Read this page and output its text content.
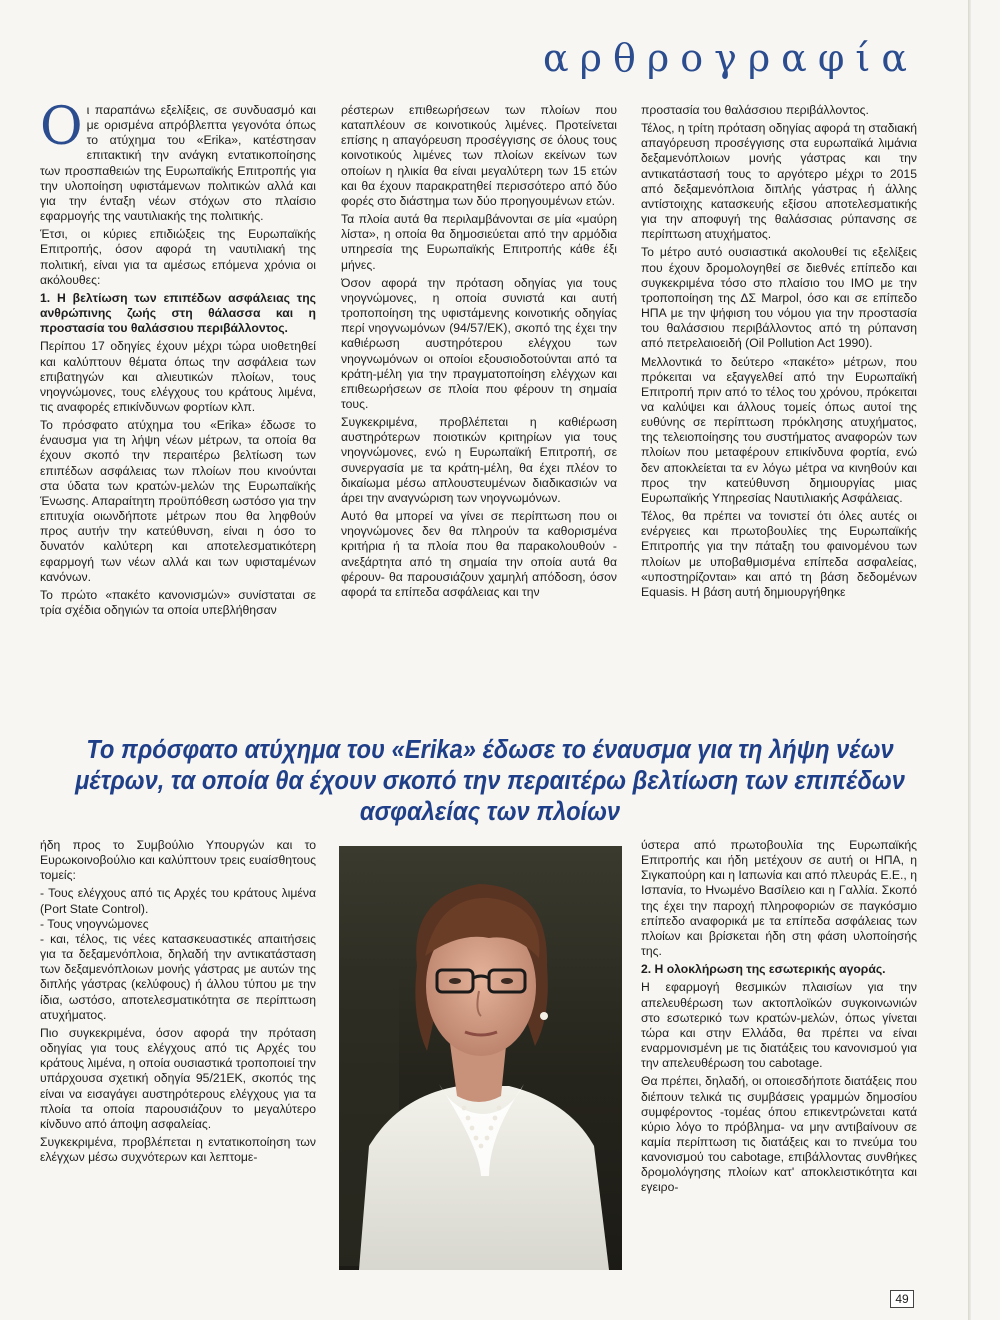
αρθρογραφία

Οι παραπάνω εξελίξεις, σε συνδυασμό και με ορισμένα απρόβλεπτα γεγονότα όπως το ατύχημα του «Erika», κατέστησαν επιτακτική την ανάγκη εντατικοποίησης των προσπαθειών της Ευρωπαϊκής Επιτροπής για την υλοποίηση υφιστάμενων πολιτικών αλλά και για την ένταξη νέων στόχων στο πλαίσιο εφαρμογής της ναυτιλιακής της πολιτικής.

Έτσι, οι κύριες επιδιώξεις της Ευρωπαϊκής Επιτροπής, όσον αφορά τη ναυτιλιακή της πολιτική, είναι για τα αμέσως επόμενα χρόνια οι ακόλουθες:

1. Η βελτίωση των επιπέδων ασφάλειας της ανθρώπινης ζωής στη θάλασσα και η προστασία του θαλάσσιου περιβάλλοντος.

Περίπου 17 οδηγίες έχουν μέχρι τώρα υιοθετηθεί και καλύπτουν θέματα όπως την ασφάλεια των επιβατηγών και αλιευτικών πλοίων, τους νηογνώμονες, τους ελέγχους του κράτους λιμένα, τις αναφορές επικίνδυνων φορτίων κλπ.

Το πρόσφατο ατύχημα του «Erika» έδωσε το έναυσμα για τη λήψη νέων μέτρων, τα οποία θα έχουν σκοπό την περαιτέρω βελτίωση των επιπέδων ασφάλειας των πλοίων που κινούνται στα ύδατα των κρατών-μελών της Ευρωπαϊκής Ένωσης. Απαραίτητη προϋπόθεση ωστόσο για την επιτυχία οιωνδήποτε μέτρων που θα ληφθούν προς αυτήν την κατεύθυνση, είναι η όσο το δυνατόν καλύτερη και αποτελεσματικότερη εφαρμογή των νέων αλλά και των υφισταμένων κανόνων.

Το πρώτο «πακέτο κανονισμών» συνίσταται σε τρία σχέδια οδηγιών τα οποία υπεβλήθησαν

ρέστερων επιθεωρήσεων των πλοίων που καταπλέουν σε κοινοτικούς λιμένες. Προτείνεται επίσης η απαγόρευση προσέγγισης σε όλους τους κοινοτικούς λιμένες των πλοίων εκείνων των οποίων η ηλικία θα είναι μεγαλύτερη των 15 ετών και θα έχουν παρακρατηθεί περισσότερο από δύο φορές στο διάστημα των δύο προηγουμένων ετών.

Τα πλοία αυτά θα περιλαμβάνονται σε μία «μαύρη λίστα», η οποία θα δημοσιεύεται από την αρμόδια υπηρεσία της Ευρωπαϊκής Επιτροπής κάθε έξι μήνες.

Όσον αφορά την πρόταση οδηγίας για τους νηογνώμονες, η οποία συνιστά και αυτή τροποποίηση της υφιστάμενης κοινοτικής οδηγίας περί νηογνωμόνων (94/57/ΕΚ), σκοπό της έχει την καθιέρωση αυστηρότερου ελέγχου των νηογνωμόνων οι οποίοι εξουσιοδοτούνται από τα κράτη-μέλη για την πραγματοποίηση ελέγχων και επιθεωρήσεων σε πλοία που φέρουν τη σημαία τους.

Συγκεκριμένα, προβλέπεται η καθιέρωση αυστηρότερων ποιοτικών κριτηρίων για τους νηογνώμονες, ενώ η Ευρωπαϊκή Επιτροπή, σε συνεργασία με τα κράτη-μέλη, θα έχει πλέον το δικαίωμα μέσω απλουστευμένων διαδικασιών να άρει την αναγνώριση των νηογνωμόνων.

Αυτό θα μπορεί να γίνει σε περίπτωση που οι νηογνώμονες δεν θα πληρούν τα καθορισμένα κριτήρια ή τα πλοία που θα παρακολουθούν - ανεξάρτητα από τη σημαία την οποία αυτά θα φέρουν- θα παρουσιάζουν χαμηλή απόδοση, όσον αφορά τα επίπεδα ασφάλειας και την

προστασία του θαλάσσιου περιβάλλοντος.

Τέλος, η τρίτη πρόταση οδηγίας αφορά τη σταδιακή απαγόρευση προσέγγισης στα ευρωπαϊκά λιμάνια δεξαμενόπλοιων μονής γάστρας και την αντικατάστασή τους το αργότερο μέχρι το 2015 από δεξαμενόπλοια διπλής γάστρας ή άλλης αντίστοιχης κατασκευής εξίσου αποτελεσματικής για την αποφυγή της θαλάσσιας ρύπανσης σε περίπτωση ατυχήματος.

Το μέτρο αυτό ουσιαστικά ακολουθεί τις εξελίξεις που έχουν δρομολογηθεί σε διεθνές επίπεδο και συγκεκριμένα τόσο στο πλαίσιο του IMO με την τροποποίηση της ΔΣ Marpol, όσο και σε επίπεδο ΗΠΑ με την ψήφιση του νόμου για την προστασία του θαλάσσιου περιβάλλοντος από τη ρύπανση από πετρελαιοειδή (Oil Pollution Act 1990).

Μελλοντικά το δεύτερο «πακέτο» μέτρων, που πρόκειται να εξαγγελθεί από την Ευρωπαϊκή Επιτροπή πριν από το τέλος του χρόνου, πρόκειται να καλύψει και άλλους τομείς όπως αυτοί της ευθύνης σε περίπτωση πρόκλησης ατυχήματος, της τελειοποίησης του συστήματος αναφορών των πλοίων που μεταφέρουν επικίνδυνα φορτία, ενώ δεν αποκλείεται τα εν λόγω μέτρα να κινηθούν και προς την κατεύθυνση δημιουργίας μιας Ευρωπαϊκής Υπηρεσίας Ναυτιλιακής Ασφάλειας.

Τέλος, θα πρέπει να τονιστεί ότι όλες αυτές οι ενέργειες και πρωτοβουλίες της Ευρωπαϊκής Επιτροπής για την πάταξη του φαινομένου των πλοίων με υποβαθμισμένα επίπεδα ασφαλείας, «υποστηρίζονται» και από τη βάση δεδομένων Equasis. Η βάση αυτή δημιουργήθηκε

Το πρόσφατο ατύχημα του «Erika» έδωσε το έναυσμα για τη λήψη νέων μέτρων, τα οποία θα έχουν σκοπό την περαιτέρω βελτίωση των επιπέδων ασφαλείας των πλοίων

ήδη προς το Συμβούλιο Υπουργών και το Ευρωκοινοβούλιο και καλύπτουν τρεις ευαίσθητους τομείς:

- Τους ελέγχους από τις Αρχές του κράτους λιμένα (Port State Control).

- Τους νηογνώμονες

- και, τέλος, τις νέες κατασκευαστικές απαιτήσεις για τα δεξαμενόπλοια, δηλαδή την αντικατάσταση των δεξαμενόπλοιων μονής γάστρας με αυτών της διπλής γάστρας (κελύφους) ή άλλου τύπου με την ίδια, ωστόσο, αποτελεσματικότητα σε περίπτωση ατυχήματος.

Πιο συγκεκριμένα, όσον αφορά την πρόταση οδηγίας για τους ελέγχους από τις Αρχές του κράτους λιμένα, η οποία ουσιαστικά τροποποιεί την υπάρχουσα σχετική οδηγία 95/21ΕΚ, σκοπός της είναι να εισαγάγει αυστηρότερους ελέγχους για τα πλοία τα οποία παρουσιάζουν το μεγαλύτερο κίνδυνο από άποψη ασφαλείας.

Συγκεκριμένα, προβλέπεται η εντατικοποίηση των ελέγχων μέσω συχνότερων και λεπτομε-

ύστερα από πρωτοβουλία της Ευρωπαϊκής Επιτροπής και ήδη μετέχουν σε αυτή οι ΗΠΑ, η Σιγκαπούρη και η Ιαπωνία και από πλευράς Ε.Ε., η Ισπανία, το Ηνωμένο Βασίλειο και η Γαλλία. Σκοπό της έχει την παροχή πληροφοριών σε παγκόσμιο επίπεδο αναφορικά με τα επίπεδα ασφάλειας των πλοίων και βρίσκεται ήδη στη φάση υλοποίησής της.

2. Η ολοκλήρωση της εσωτερικής αγοράς.

Η εφαρμογή θεσμικών πλαισίων για την απελευθέρωση των ακτοπλοϊκών συγκοινωνιών στο εσωτερικό των κρατών-μελών, όπως γίνεται τώρα και στην Ελλάδα, θα πρέπει να είναι εναρμονισμένη με τις διατάξεις του κανονισμού για την απελευθέρωση του cabotage.

Θα πρέπει, δηλαδή, οι οποιεσδήποτε διατάξεις που διέπουν τελικά τις συμβάσεις γραμμών δημοσίου συμφέροντος -τομέας όπου επικεντρώνεται κατά κύριο λόγο το πρόβλημα- να μην αντιβαίνουν σε καμία περίπτωση τις διατάξεις και το πνεύμα του κανονισμού του cabotage, επιβάλλοντας συνθήκες δρομολόγησης πλοίων κατ' αποκλειστικότητα και εγειρο-

49
